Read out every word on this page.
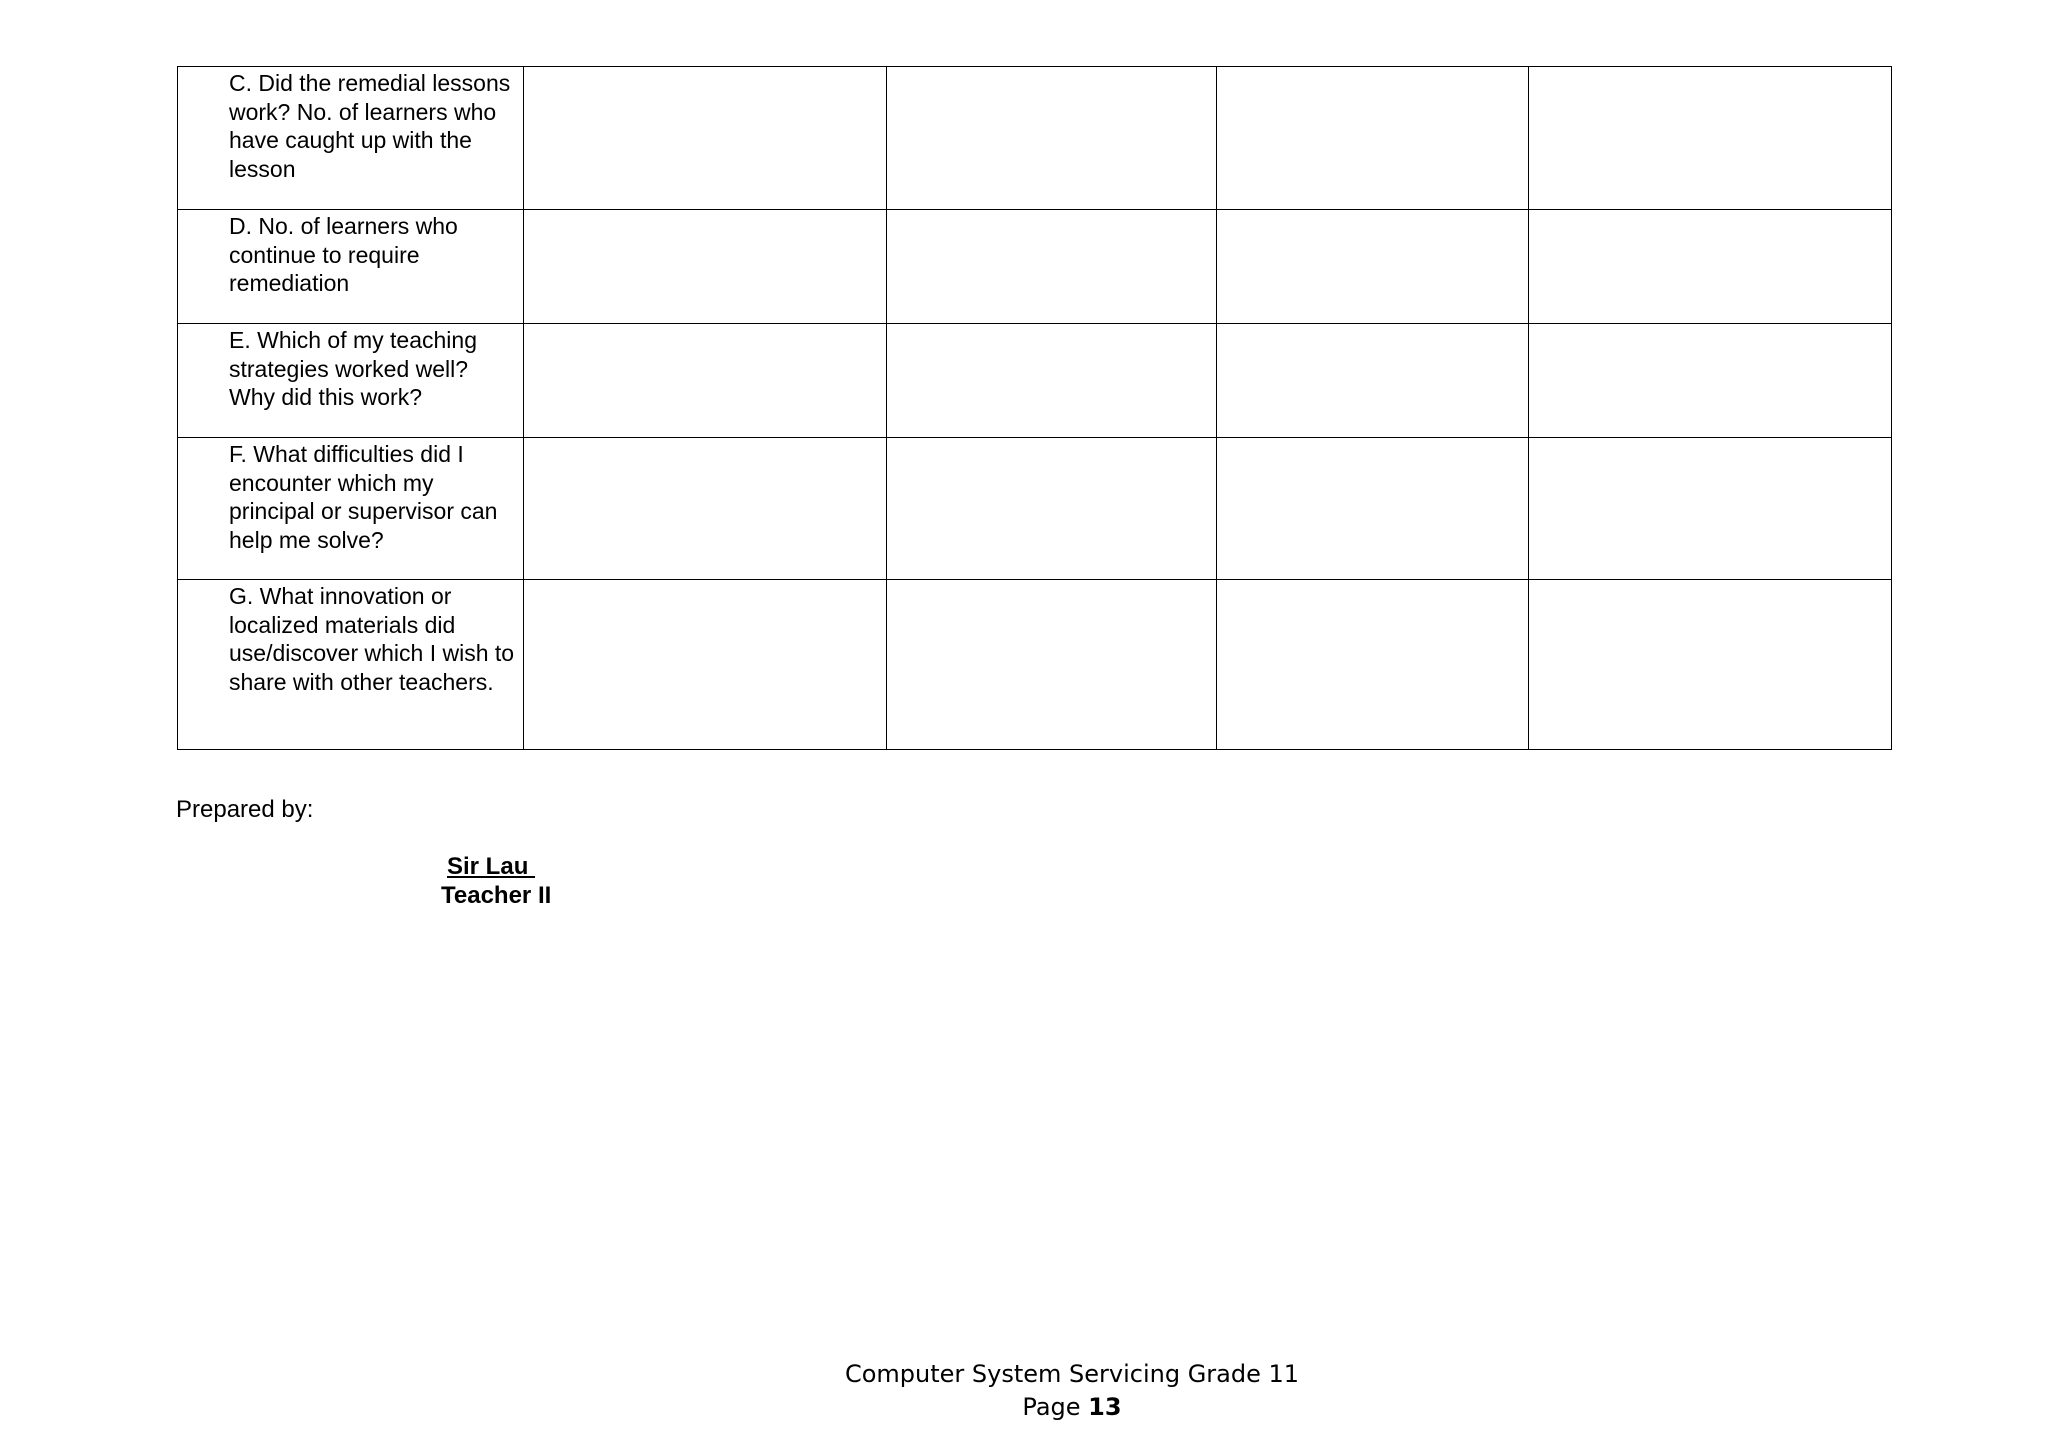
C. Did the remedial lessons work? No. of learners who have caught up with the lesson				
D. No. of learners who continue to require remediation				
E. Which of my teaching strategies worked well? Why did this work?				
F. What difficulties did I encounter which my principal or supervisor can help me solve?				
G. What innovation or localized materials did use/discover which I wish to share with other teachers.				
Prepared by:
Sir Lau
Teacher II
Computer System Servicing Grade 11
Page 13
